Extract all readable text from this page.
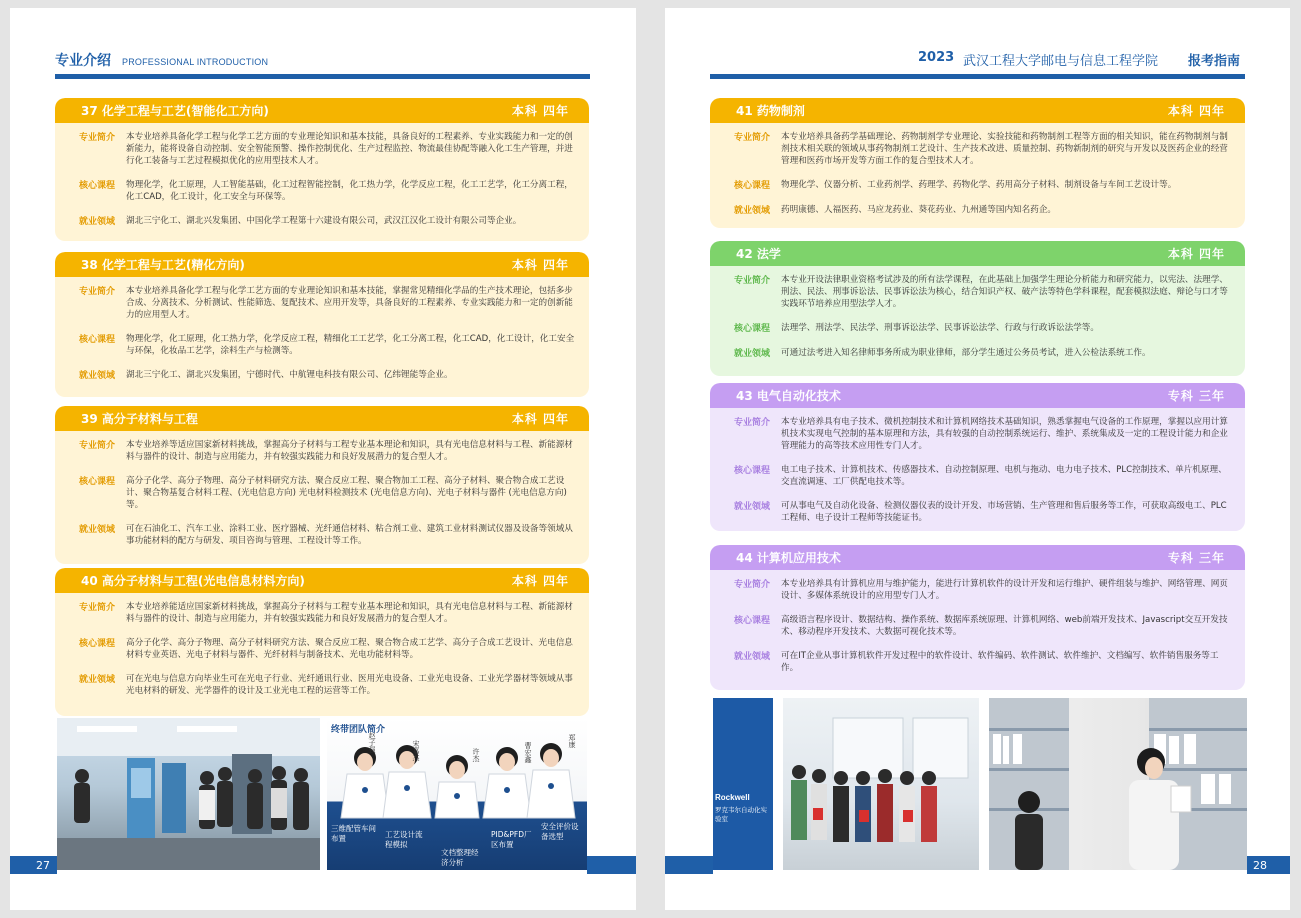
专业介绍 PROFESSIONAL INTRODUCTION
37 化学工程与工艺(智能化工方向)	本科 四年
专业简介	本专业培养具备化学工程与化学工艺方面的专业理论知识和基本技能，具备良好的工程素养、专业实践能力和一定的创新能力，能将设备自动控制、安全智能预警、操作控制优化、生产过程监控、物流最佳协配等融入化工生产管理，并进行化工装备与工艺过程模拟优化的应用型技术人才。
核心课程	物理化学，化工原理，人工智能基础，化工过程智能控制，化工热力学，化学反应工程，化工工艺学，化工分离工程，化工CAD，化工设计，化工安全与环保等。
就业领域	湖北三宁化工、湖北兴发集团、中国化学工程第十六建设有限公司，武汉江汉化工设计有限公司等企业。
38 化学工程与工艺(精化方向)	本科 四年
专业简介	本专业培养具备化学工程与化学工艺方面的专业理论知识和基本技能，掌握常见精细化学品的生产技术理论，包括多步合成、分离技术、分析测试、性能筛选、复配技术、应用开发等，具备良好的工程素养、专业实践能力和一定的创新能力的应用型人才。
核心课程	物理化学，化工原理，化工热力学，化学反应工程，精细化工工艺学，化工分离工程，化工CAD，化工设计，化工安全与环保，化妆品工艺学，涂料生产与检测等。
就业领域	湖北三宁化工、湖北兴发集团，宁德时代、中航锂电科技有限公司、亿纬锂能等企业。
39 高分子材料与工程	本科 四年
专业简介	本专业培养等适应国家新材料挑战，掌握高分子材料与工程专业基本理论和知识，具有光电信息材料与工程、新能源材料与器件的设计、制造与应用能力，并有较强实践能力和良好发展潜力的复合型人才。
核心课程	高分子化学、高分子物理、高分子材料研究方法、聚合反应工程、聚合物加工工程、高分子材料、聚合物合成工艺设计、聚合物基复合材料工程、(光电信息方向) 光电材料检测技术 (光电信息方向)、光电子材料与器件 (光电信息方向) 等。
就业领域	可在石油化工、汽车工业、涂料工业、医疗器械、光纤通信材料、粘合剂工业、建筑工业材料测试仪器及设备等领域从事功能材料的配方与研发、项目咨询与管理、工程设计等工作。
40 高分子材料与工程(光电信息材料方向)	本科 四年
专业简介	本专业培养能适应国家新材料挑战，掌握高分子材料与工程专业基本理论和知识，具有光电信息材料与工程、新能源材料与器件的设计、制造与应用能力，并有较强实践能力和良好发展潜力的复合型人才。
核心课程	高分子化学、高分子物理、高分子材料研究方法、聚合反应工程、聚合物合成工艺学、高分子合成工艺设计、光电信息材料专业英语、光电子材料与器件、光纤材料与制备技术、光电功能材料等。
就业领域	可在光电与信息方向毕业生可在光电子行业、光纤通讯行业、医用光电设备、工业光电设备、工业光学器材等领域从事光电材料的研发、光学器件的设计及工业光电工程的运营等工作。
终带团队简介
赵子强	宋嘉杰	许杰	曹宏鑫
郑康
三维配管车间布置	工艺设计流程模拟
文档整理经济分析
PID&PFD厂区布置
安全评价设备选型
27
2023 武汉工程大学邮电与信息工程学院 报考指南
41 药物制剂	本科 四年
专业简介	本专业培养具备药学基础理论、药物制剂学专业理论、实验技能和药物制剂工程等方面的相关知识，能在药物制剂与制剂技术相关联的领域从事药物制剂工艺设计、生产技术改进、质量控制、药物新制剂的研究与开发以及医药企业的经营管理和医药市场开发等方面工作的复合型技术人才。
核心课程	物理化学、仪器分析、工业药剂学、药理学、药物化学、药用高分子材料、制剂设备与车间工艺设计等。
就业领域	药明康德、人福医药、马应龙药业、葵花药业、九州通等国内知名药企。
42 法学	本科 四年
专业简介	本专业开设法律职业资格考试涉及的所有法学课程，在此基础上加强学生理论分析能力和研究能力，以宪法、法理学、刑法、民法、刑事诉讼法、民事诉讼法为核心，结合知识产权、破产法等特色学科课程，配套模拟法庭、辩论与口才等实践环节培养应用型法学人才。
核心课程	法理学、刑法学、民法学、刑事诉讼法学、民事诉讼法学、行政与行政诉讼法学等。
就业领域	可通过法考进入知名律师事务所成为职业律师，部分学生通过公务员考试，进入公检法系统工作。
43 电气自动化技术	专科 三年
专业简介	本专业培养具有电子技术、微机控制技术和计算机网络技术基础知识，熟悉掌握电气设备的工作原理，掌握以应用计算机技术实现电气控制的基本原理和方法，具有较强的自动控制系统运行、维护、系统集成及一定的工程设计能力和企业管理能力的高等技术应用性专门人才。
核心课程	电工电子技术、计算机技术、传感器技术、自动控制原理、电机与拖动、电力电子技术、PLC控制技术、单片机原理、交直流调速、工厂供配电技术等。
就业领域	可从事电气及自动化设备、检测仪器仪表的设计开发、市场营销、生产管理和售后服务等工作，可获取高级电工、PLC工程师、电子设计工程师等技能证书。
44 计算机应用技术	专科 三年
专业简介	本专业培养具有计算机应用与维护能力，能进行计算机软件的设计开发和运行维护、硬件组装与维护、网络管理、网页设计、多媒体系统设计的应用型专门人才。
核心课程	高级语言程序设计、数据结构、操作系统、数据库系统原理、计算机网络、web前端开发技术、Javascript交互开发技术、移动程序开发技术、大数据可视化技术等。
就业领域	可在IT企业从事计算机软件开发过程中的软件设计、软件编码、软件测试、软件维护、文档编写、软件销售服务等工作。
Rockwell
罗克韦尔自动化实验室
28
